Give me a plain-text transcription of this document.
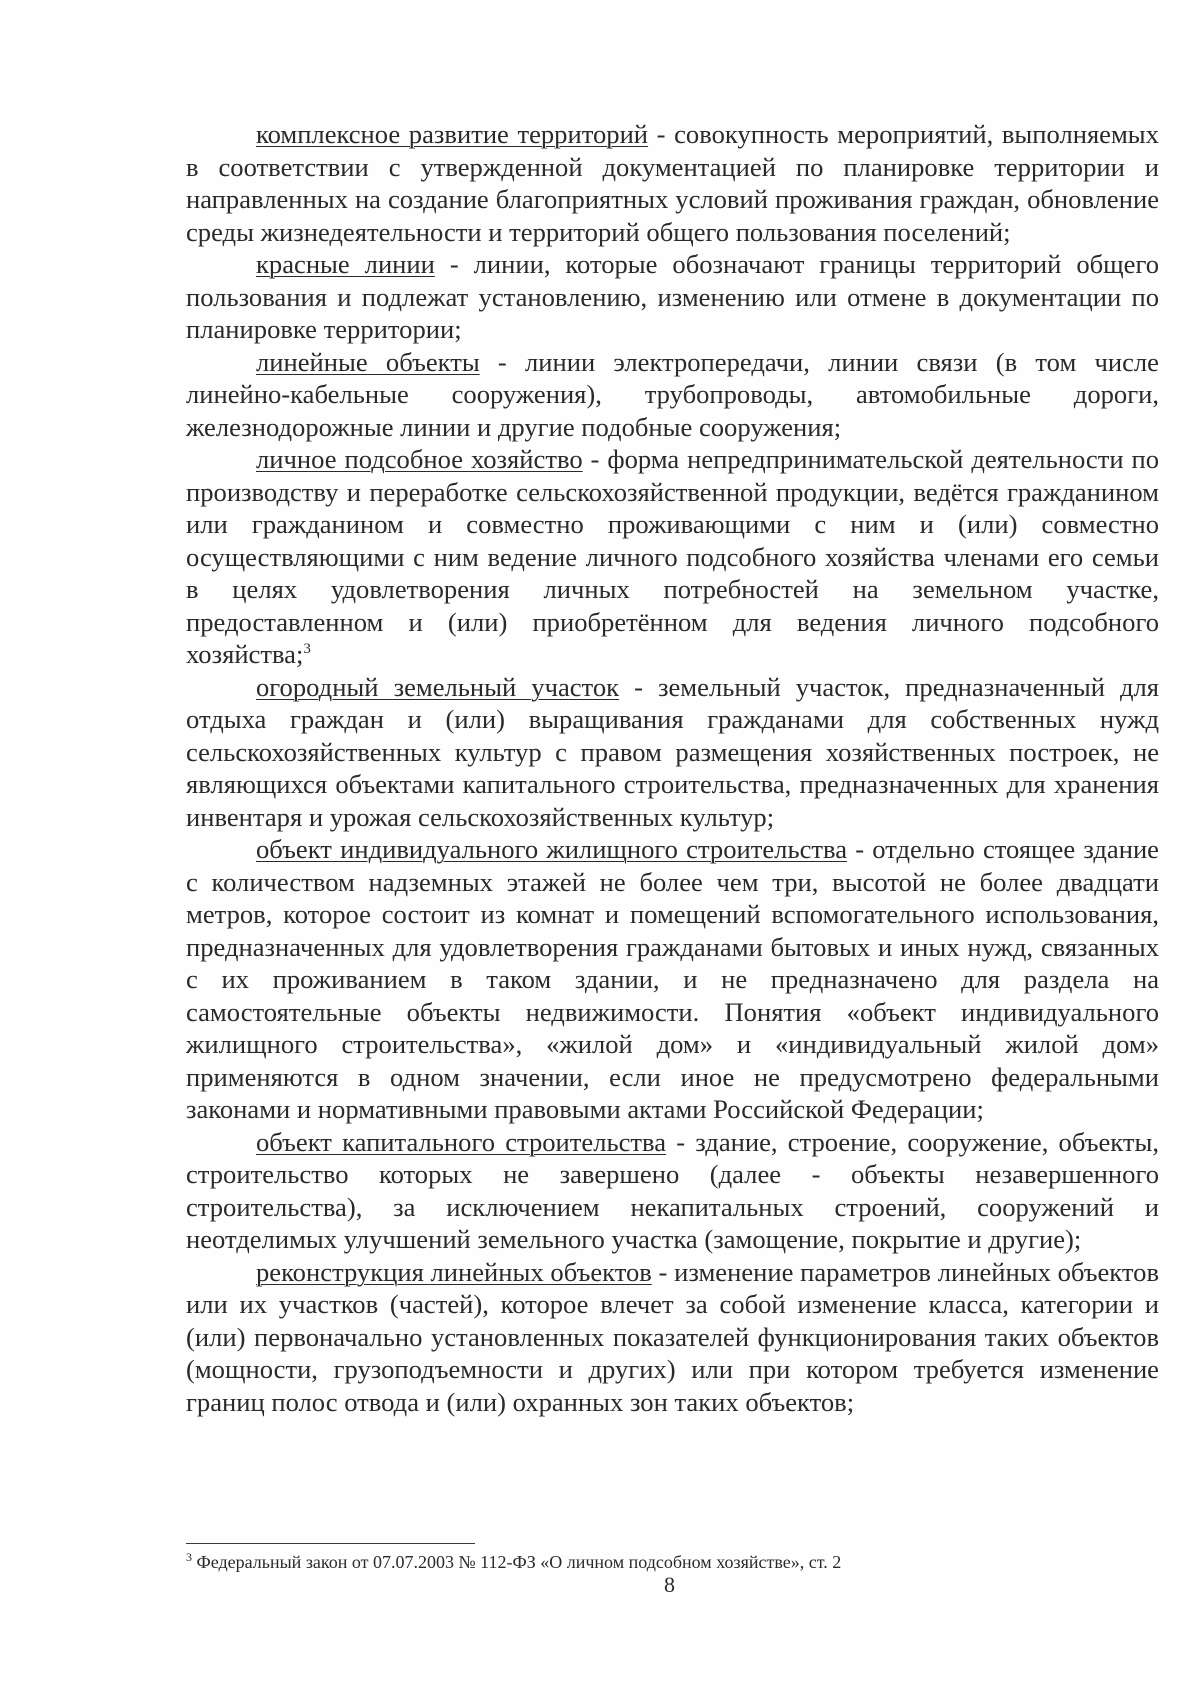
комплексное развитие территорий - совокупность мероприятий, выполняемых в соответствии с утвержденной документацией по планировке территории и направленных на создание благоприятных условий проживания граждан, обновление среды жизнедеятельности и территорий общего пользования поселений;

красные линии - линии, которые обозначают границы территорий общего пользования и подлежат установлению, изменению или отмене в документации по планировке территории;

линейные объекты - линии электропередачи, линии связи (в том числе линейно-кабельные сооружения), трубопроводы, автомобильные дороги, железнодорожные линии и другие подобные сооружения;

личное подсобное хозяйство - форма непредпринимательской деятельности по производству и переработке сельскохозяйственной продукции, ведётся гражданином или гражданином и совместно проживающими с ним и (или) совместно осуществляющими с ним ведение личного подсобного хозяйства членами его семьи в целях удовлетворения личных потребностей на земельном участке, предоставленном и (или) приобретённом для ведения личного подсобного хозяйства;$^3$

огородный земельный участок - земельный участок, предназначенный для отдыха граждан и (или) выращивания гражданами для собственных нужд сельскохозяйственных культур с правом размещения хозяйственных построек, не являющихся объектами капитального строительства, предназначенных для хранения инвентаря и урожая сельскохозяйственных культур;

объект индивидуального жилищного строительства - отдельно стоящее здание с количеством надземных этажей не более чем три, высотой не более двадцати метров, которое состоит из комнат и помещений вспомогательного использования, предназначенных для удовлетворения гражданами бытовых и иных нужд, связанных с их проживанием в таком здании, и не предназначено для раздела на самостоятельные объекты недвижимости. Понятия «объект индивидуального жилищного строительства», «жилой дом» и «индивидуальный жилой дом» применяются в одном значении, если иное не предусмотрено федеральными законами и нормативными правовыми актами Российской Федерации;

объект капитального строительства - здание, строение, сооружение, объекты, строительство которых не завершено (далее - объекты незавершенного строительства), за исключением некапитальных строений, сооружений и неотделимых улучшений земельного участка (замощение, покрытие и другие);

реконструкция линейных объектов - изменение параметров линейных объектов или их участков (частей), которое влечет за собой изменение класса, категории и (или) первоначально установленных показателей функционирования таких объектов (мощности, грузоподъемности и других) или при котором требуется изменение границ полос отвода и (или) охранных зон таких объектов;

$^3$ Федеральный закон от 07.07.2003 № 112-ФЗ «О личном подсобном хозяйстве», ст. 2

8
